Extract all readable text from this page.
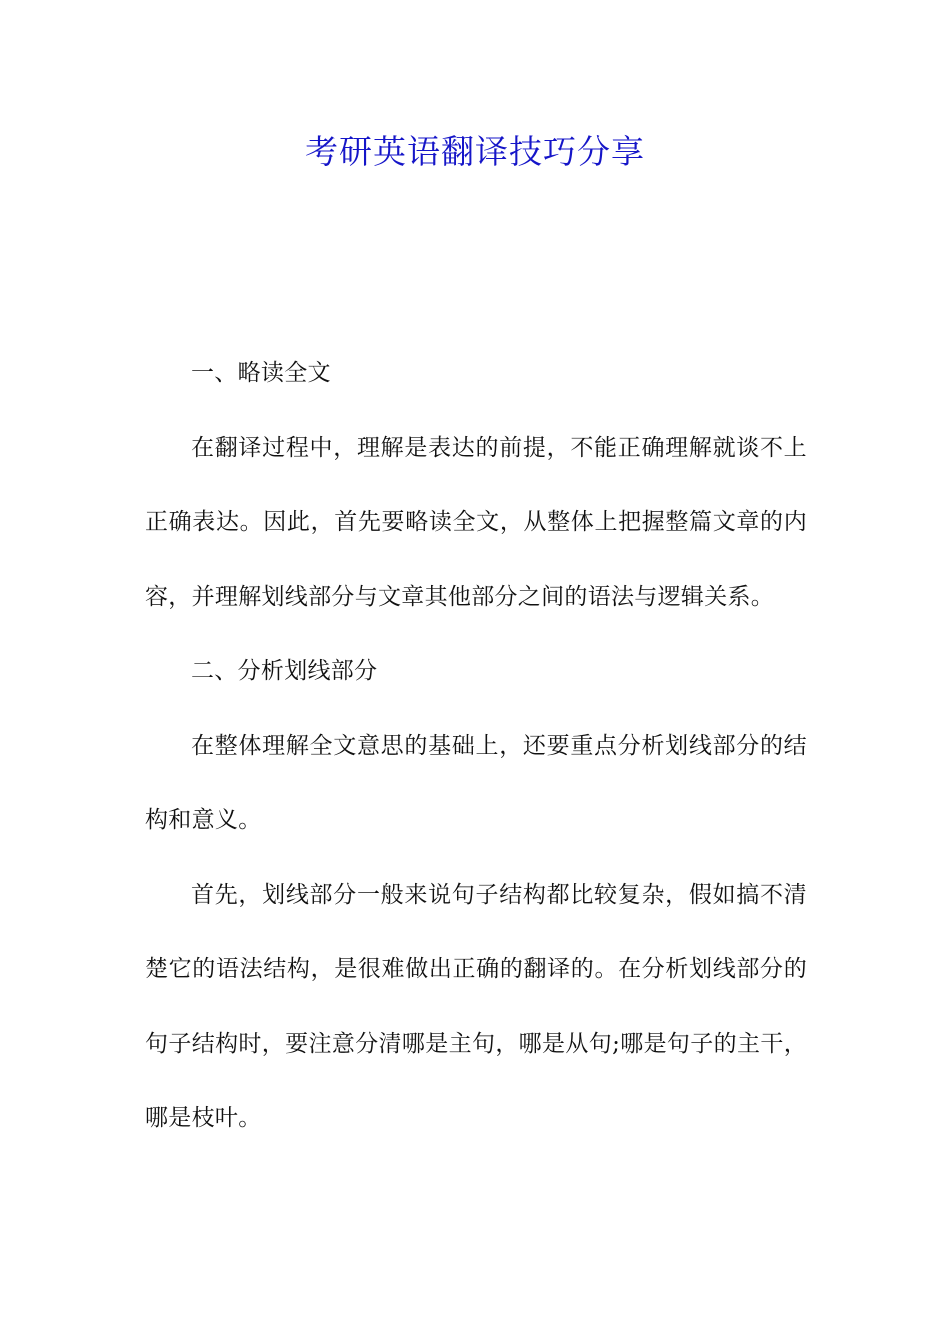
考研英语翻译技巧分享

一、略读全文

在翻译过程中，理解是表达的前提，不能正确理解就谈不上正确表达。因此，首先要略读全文，从整体上把握整篇文章的内容，并理解划线部分与文章其他部分之间的语法与逻辑关系。

二、分析划线部分

在整体理解全文意思的基础上，还要重点分析划线部分的结构和意义。

首先，划线部分一般来说句子结构都比较复杂，假如搞不清楚它的语法结构，是很难做出正确的翻译的。在分析划线部分的句子结构时，要注意分清哪是主句，哪是从句;哪是句子的主干，哪是枝叶。
